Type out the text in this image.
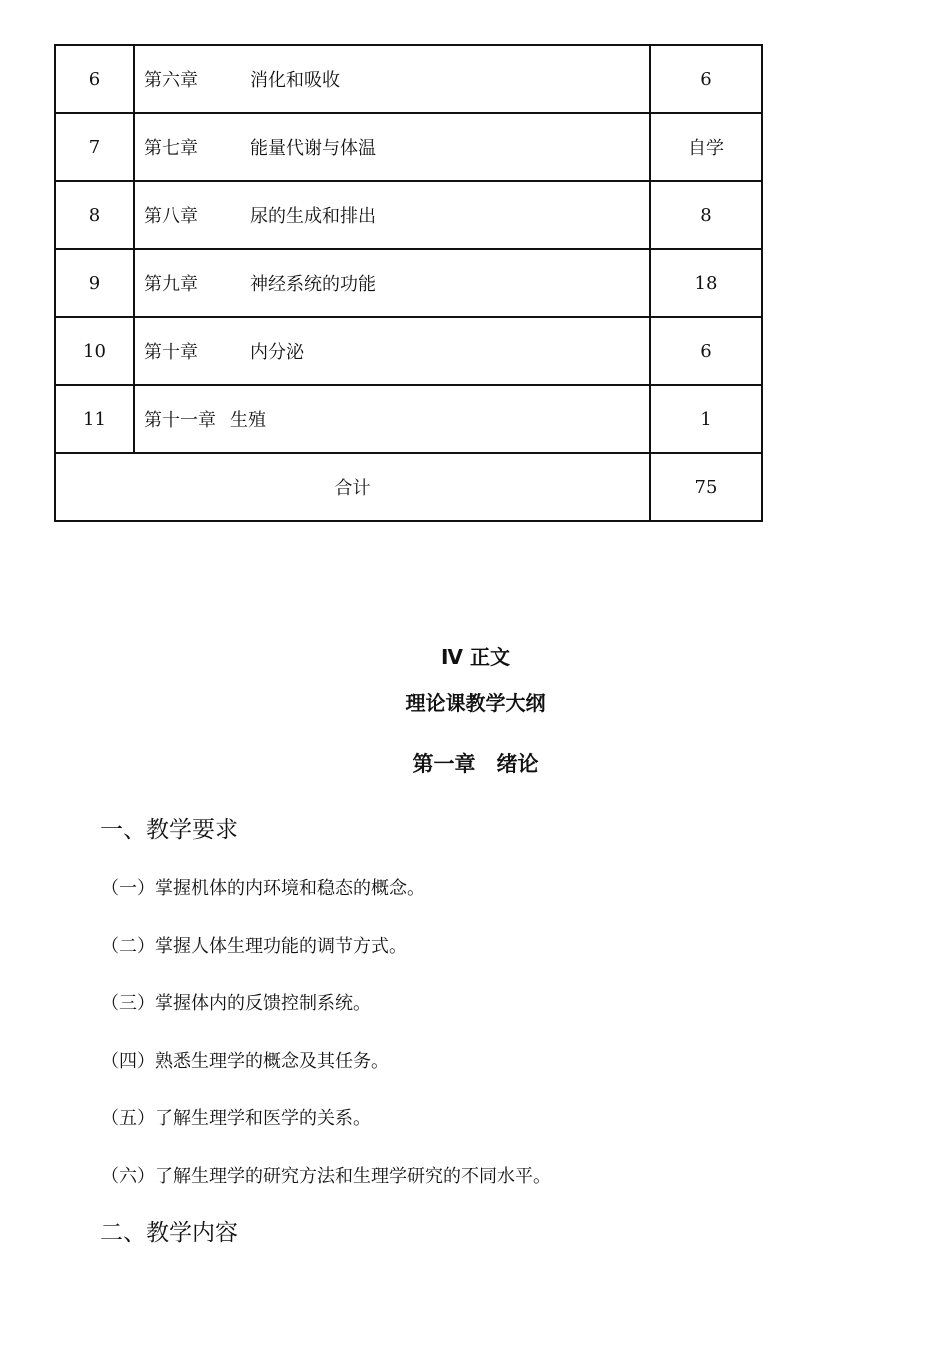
6	第六章 消化和吸收	6
7	第七章 能量代谢与体温	自学
8	第八章 尿的生成和排出	8
9	第九章 神经系统的功能	18
10	第十章 内分泌	6
11	第十一章 生殖	1
合计		75
Ⅳ 正文
理论课教学大纲
第一章　绪论
一、教学要求
（一）掌握机体的内环境和稳态的概念。
（二）掌握人体生理功能的调节方式。
（三）掌握体内的反馈控制系统。
（四）熟悉生理学的概念及其任务。
（五）了解生理学和医学的关系。
（六）了解生理学的研究方法和生理学研究的不同水平。
二、教学内容
